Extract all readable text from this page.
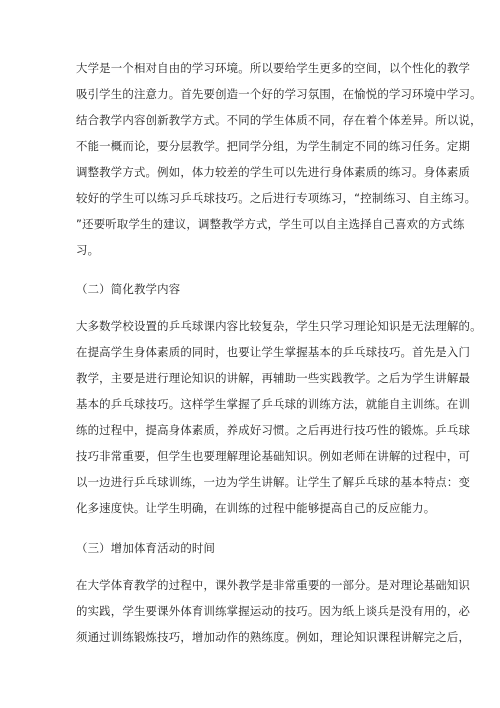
大学是一个相对自由的学习环境。所以要给学生更多的空间，以个性化的教学
吸引学生的注意力。首先要创造一个好的学习氛围，在愉悦的学习环境中学习。
结合教学内容创新教学方式。不同的学生体质不同，存在着个体差异。所以说，
不能一概而论，要分层教学。把同学分组，为学生制定不同的练习任务。定期
调整教学方式。例如，体力较差的学生可以先进行身体素质的练习。身体素质
较好的学生可以练习乒乓球技巧。之后进行专项练习，“控制练习、自主练习。
”还要听取学生的建议，调整教学方式，学生可以自主选择自己喜欢的方式练
习。
（二）简化教学内容
大多数学校设置的乒乓球课内容比较复杂，学生只学习理论知识是无法理解的。
在提高学生身体素质的同时，也要让学生掌握基本的乒乓球技巧。首先是入门
教学，主要是进行理论知识的讲解，再辅助一些实践教学。之后为学生讲解最
基本的乒乓球技巧。这样学生掌握了乒乓球的训练方法，就能自主训练。在训
练的过程中，提高身体素质，养成好习惯。之后再进行技巧性的锻炼。乒乓球
技巧非常重要，但学生也要理解理论基础知识。例如老师在讲解的过程中，可
以一边进行乒乓球训练，一边为学生讲解。让学生了解乒乓球的基本特点：变
化多速度快。让学生明确，在训练的过程中能够提高自己的反应能力。
（三）增加体育活动的时间
在大学体育教学的过程中，课外教学是非常重要的一部分。是对理论基础知识
的实践，学生要课外体育训练掌握运动的技巧。因为纸上谈兵是没有用的，必
须通过训练锻炼技巧，增加动作的熟练度。例如，理论知识课程讲解完之后，
